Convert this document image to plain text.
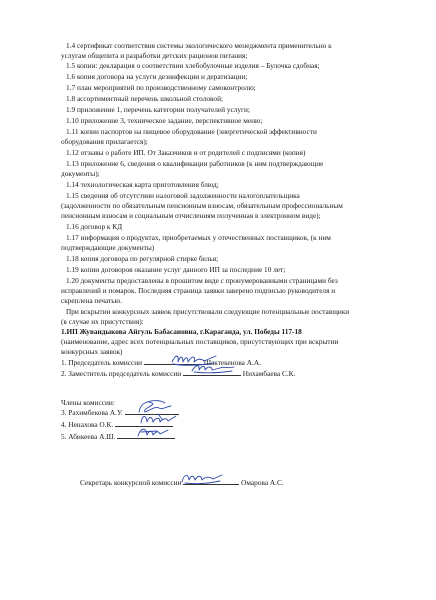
1.4 сертификат соответствия системы экологического менеджмента применительно к
услугам общепита и разработки детских рационов питания;
1.5 копии: декларация о соответствии хлебобулочные изделия – Булочка сдобная;
1.6 копия договора на услуги дезинфекции и дератизации;
1.7 план мероприятий по производственному самоконтролю;
1.8 ассортиментный перечень школьной столовой;
1.9 приложение 1, перечень категории получателей услуги;
1.10 приложение 3, техническое задание, перспективное меню;
1.11 копии паспортов на пищевое оборудование (энергетической эффективности
оборудования прилагается);
1.12 отзывы о работе ИП. От Заказчиков и от родителей с подписями (копия)
1.13 приложение 6, сведения о квалификации работников (к ним подтверждающие
документы);
1.14 технологическая карта приготовления блюд;
1.15 сведения об отсутствии налоговой задолженности налогоплательщика
(задолженности по обязательным пенсионным взносам, обязательным профессиональным
пенсионным взносам и социальным отчислениям полученная в электронном виде);
1.16 договор к КД
1.17 информация о продуктах, приобретаемых у отечественных поставщиков, (к ним
подтверждающие документы)
1.18 копия договора по регулярной стирке белья;
1.19 копии договоров оказание услуг данного ИП за последние 10 лет;
1.20 документы предоставлены в прошитом виде с пронумерованными страницами без
исправлений и помарок. Последняя страница заявки заверено подписью руководителя и
скреплена печатью.
При вскрытии конкурсных заявок присутствовали следующие потенциальные поставщики
(в случае их присутствия):
1.ИП Жуванды​кова Айгуль Бабасановна, г.Караганда, ул. Победы 117-18
(наименование, адрес всех потенциальных поставщиков, присутствующих при вскрытии
конкурсных заявок)
1. Председатель комиссии	Шактекенова А.А.
2. Заместитель председатель комиссии	Нихамбаева С.К.
Члены комиссии:
3. Рахимбекова А.У.
4. Ненахова О.К.
5. Абикеева А.Ш.
Секретарь конкурсной комиссии	Омарова А.С.
